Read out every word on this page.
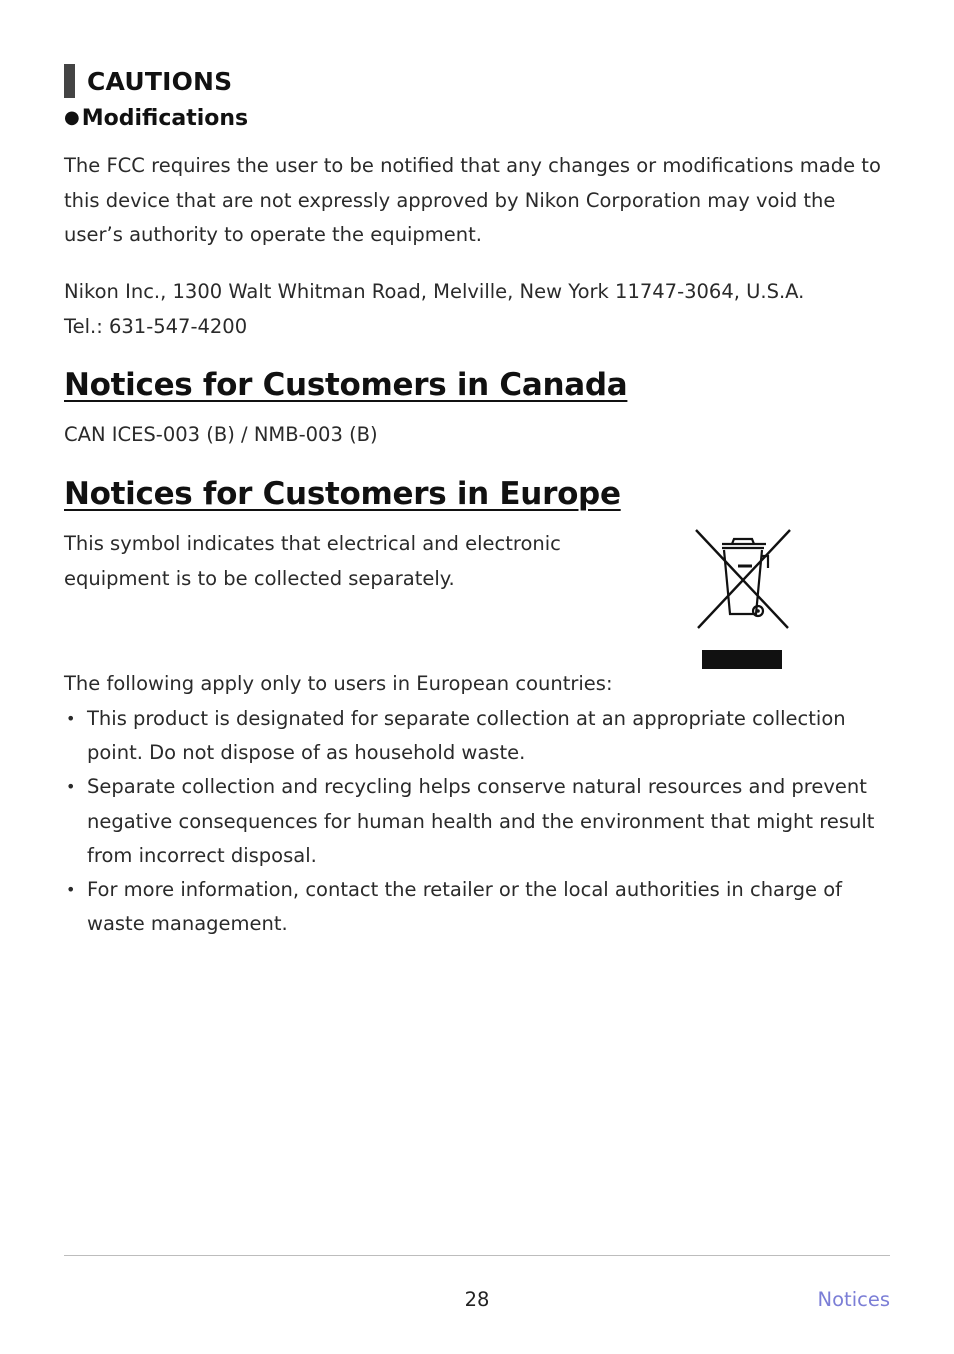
CAUTIONS
●Modifications

The FCC requires the user to be notified that any changes or modifications made to this device that are not expressly approved by Nikon Corporation may void the user’s authority to operate the equipment.

Nikon Inc., 1300 Walt Whitman Road, Melville, New York 11747-3064, U.S.A.
Tel.: 631-547-4200
Notices for Customers in Canada

CAN ICES-003 (B) / NMB-003 (B)

Notices for Customers in Europe

This symbol indicates that electrical and electronic equipment is to be collected separately.

The following apply only to users in European countries:

• This product is designated for separate collection at an appropriate collection point. Do not dispose of as household waste.
• Separate collection and recycling helps conserve natural resources and prevent negative consequences for human health and the environment that might result from incorrect disposal.
• For more information, contact the retailer or the local authorities in charge of waste management.
28	Notices
